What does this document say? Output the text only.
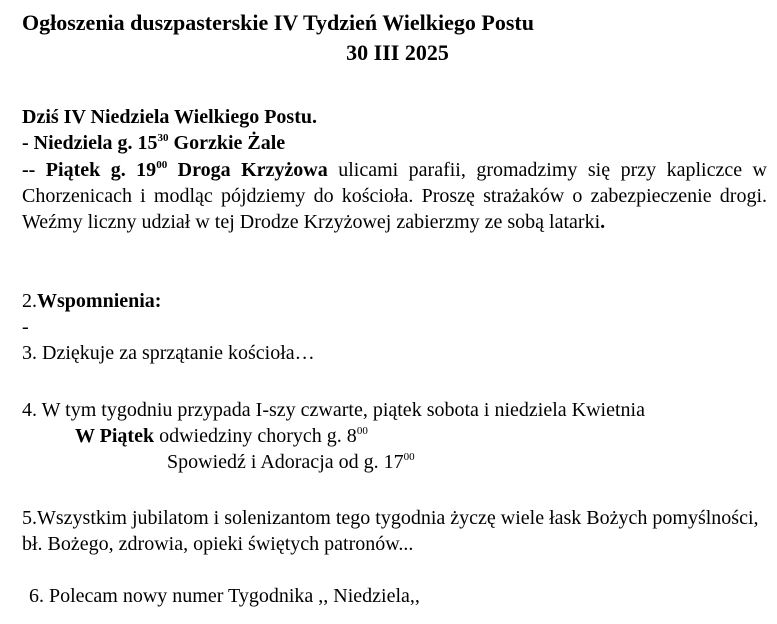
Ogłoszenia duszpasterskie IV Tydzień Wielkiego Postu
30 III 2025
Dziś IV Niedziela Wielkiego Postu.
- Niedziela g. $15^{30}$ Gorzkie Żale
-- Piątek g. $19^{00}$ Droga Krzyżowa ulicami parafii, gromadzimy się przy kapliczce w Chorzenicach i modląc pójdziemy do kościoła. Proszę strażaków o zabezpieczenie drogi. Weźmy liczny udział w tej Drodze Krzyżowej zabierzmy ze sobą latarki.
2.Wspomnienia:
-
3. Dziękuje za sprzątanie kościoła…
4. W tym tygodniu przypada I-szy czwarte, piątek sobota i niedziela Kwietnia
W Piątek odwiedziny chorych g. $8^{00}$
Spowiedź i Adoracja od g. $17^{00}$
5.Wszystkim jubilatom i solenizantom tego tygodnia życzę wiele łask Bożych pomyślności, bł. Bożego, zdrowia, opieki świętych patronów...
6. Polecam nowy numer Tygodnika ,, Niedziela,,
